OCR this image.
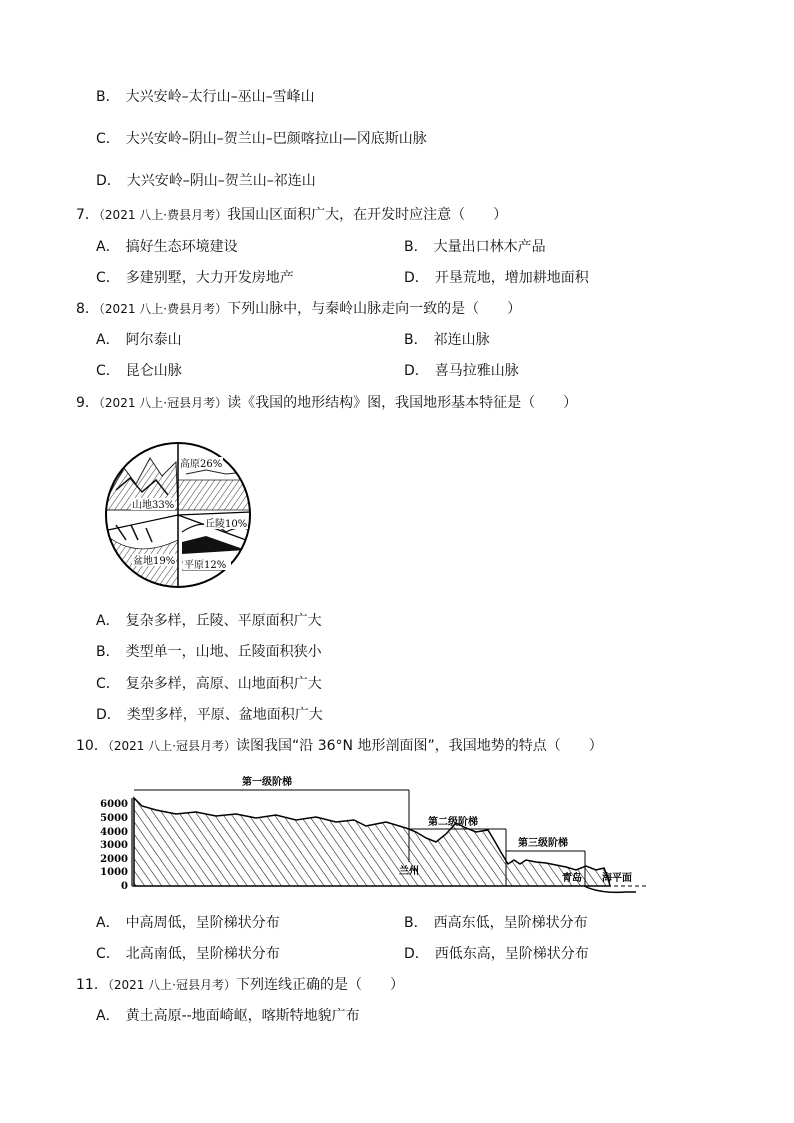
B． 大兴安岭–太行山–巫山–雪峰山
C． 大兴安岭–阴山–贺兰山–巴颜喀拉山—冈底斯山脉
D． 大兴安岭–阴山–贺兰山–祁连山
7．（2021 八上·费县月考）我国山区面积广大，在开发时应注意（　　）
A． 搞好生态环境建设	B． 大量出口林木产品
C． 多建别墅，大力开发房地产	D． 开垦荒地，增加耕地面积
8．（2021 八上·费县月考）下列山脉中，与秦岭山脉走向一致的是（　　）
A． 阿尔泰山	B． 祁连山脉
C． 昆仑山脉	D． 喜马拉雅山脉
9．（2021 八上·冠县月考）读《我国的地形结构》图，我国地形基本特征是（　　）
高原26%
山地33%
丘陵10%
盆地19% 平原12%
A． 复杂多样，丘陵、平原面积广大
B． 类型单一，山地、丘陵面积狭小
C． 复杂多样，高原、山地面积广大
D． 类型多样，平原、盆地面积广大
10．（2021 八上·冠县月考）读图我国“沿 36°N 地形剖面图”，我国地势的特点（　　）
6000
5000
4000
3000
2000
1000
0
第一级阶梯
第二级阶梯
第三级阶梯
兰州
青岛 海平面
A． 中高周低，呈阶梯状分布	B． 西高东低，呈阶梯状分布
C． 北高南低，呈阶梯状分布	D． 西低东高，呈阶梯状分布
11．（2021 八上·冠县月考）下列连线正确的是（　　）
A． 黄土高原--地面崎岖，喀斯特地貌广布
